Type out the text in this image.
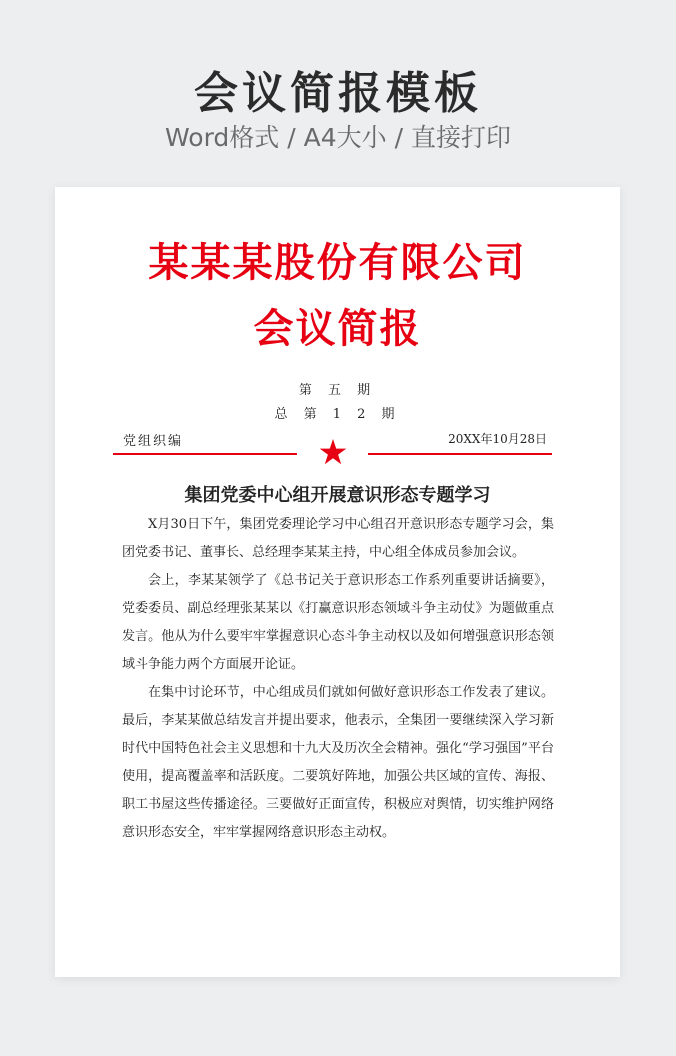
会议简报模板
Word格式 / A4大小 / 直接打印
某某某股份有限公司
会议简报
第 五 期
总 第 1 2 期
党组织编	20XX年10月28日
集团党委中心组开展意识形态专题学习

X月30日下午，集团党委理论学习中心组召开意识形态专题学习会，集团党委书记、董事长、总经理李某某主持，中心组全体成员参加会议。

会上，李某某领学了《总书记关于意识形态工作系列重要讲话摘要》，党委委员、副总经理张某某以《打赢意识形态领域斗争主动仗》为题做重点发言。他从为什么要牢牢掌握意识心态斗争主动权以及如何增强意识形态领域斗争能力两个方面展开论证。

在集中讨论环节，中心组成员们就如何做好意识形态工作发表了建议。最后，李某某做总结发言并提出要求，他表示，全集团一要继续深入学习新时代中国特色社会主义思想和十九大及历次全会精神。强化“学习强国”平台使用，提高覆盖率和活跃度。二要筑好阵地，加强公共区域的宣传、海报、职工书屋这些传播途径。三要做好正面宣传，积极应对舆情，切实维护网络意识形态安全，牢牢掌握网络意识形态主动权。
